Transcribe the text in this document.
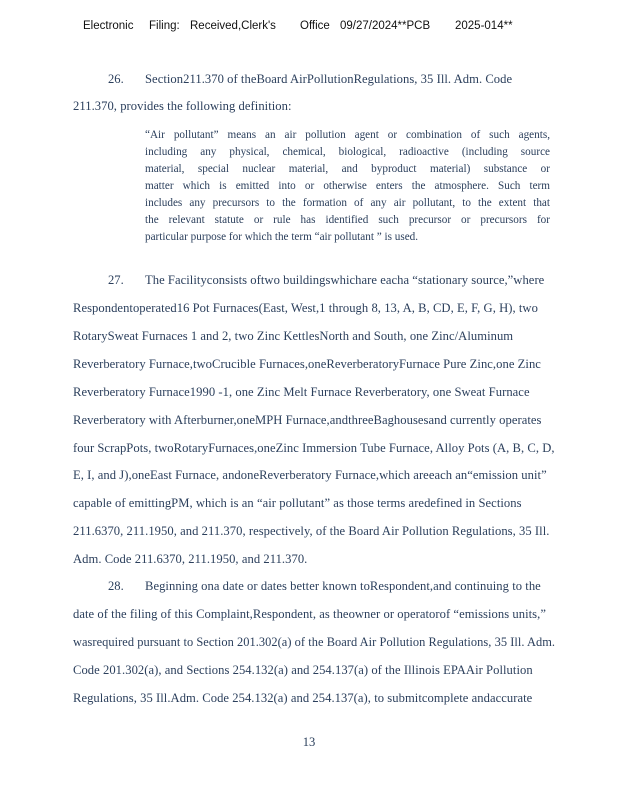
Electronic Filing: Received,Clerk's Office 09/27/2024**PCB 2025-014**
26. Section211.370 of theBoard AirPollutionRegulations, 35 Ill. Adm. Code
211.370, provides the following definition:
“Air pollutant” means an air pollution agent or combination of such agents,
including any physical, chemical, biological, radioactive (including source
material, special nuclear material, and byproduct material) substance or
matter which is emitted into or otherwise enters the atmosphere. Such term
includes any precursors to the formation of any air pollutant, to the extent that
the relevant statute or rule has identified such precursor or precursors for
particular purpose for which the term “air pollutant ” is used.
27. The Facilityconsists oftwo buildingswhichare eacha “stationary source,”where
Respondentoperated16 Pot Furnaces(East, West,1 through 8, 13, A, B, CD, E, F, G, H), two
RotarySweat Furnaces 1 and 2, two Zinc KettlesNorth and South, one Zinc/Aluminum
Reverberatory Furnace,twoCrucible Furnaces,oneReverberatoryFurnace Pure Zinc,one Zinc
Reverberatory Furnace1990 -1, one Zinc Melt Furnace Reverberatory, one Sweat Furnace
Reverberatory with Afterburner,oneMPH Furnace,andthreeBaghousesand currently operates
four ScrapPots, twoRotaryFurnaces,oneZinc Immersion Tube Furnace, Alloy Pots (A, B, C, D,
E, I, and J),oneEast Furnace, andoneReverberatory Furnace,which areeach an“emission unit”
capable of emittingPM, which is an “air pollutant” as those terms aredefined in Sections
211.6370, 211.1950, and 211.370, respectively, of the Board Air Pollution Regulations, 35 Ill.
Adm. Code 211.6370, 211.1950, and 211.370.
28. Beginning ona date or dates better known toRespondent,and continuing to the
date of the filing of this Complaint,Respondent, as theowner or operatorof “emissions units,”
wasrequired pursuant to Section 201.302(a) of the Board Air Pollution Regulations, 35 Ill. Adm.
Code 201.302(a), and Sections 254.132(a) and 254.137(a) of the Illinois EPAAir Pollution
Regulations, 35 Ill.Adm. Code 254.132(a) and 254.137(a), to submitcomplete andaccurate
13
